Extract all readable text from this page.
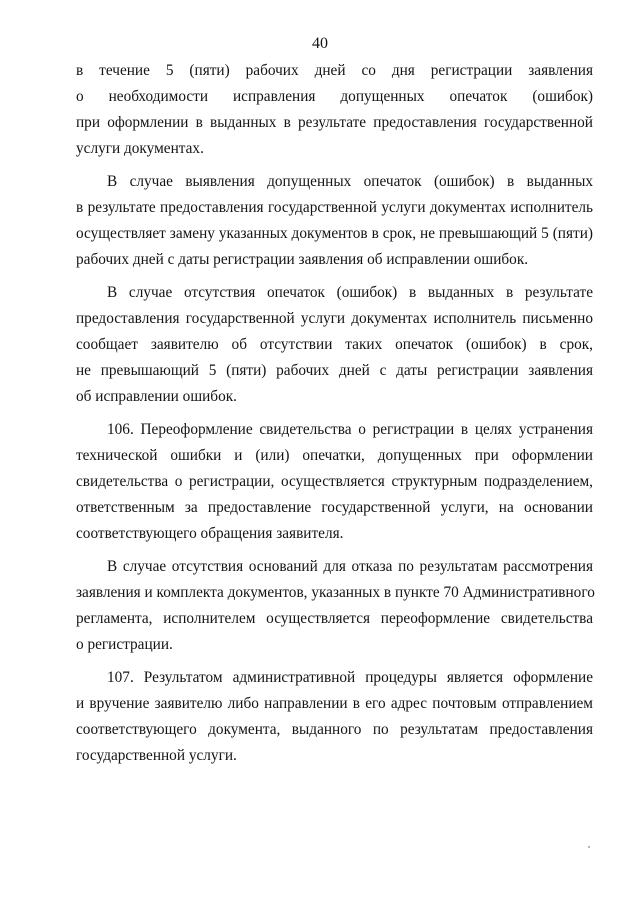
40

в течение 5 (пяти) рабочих дней со дня регистрации заявления
о необходимости исправления допущенных опечаток (ошибок)
при оформлении в выданных в результате предоставления государственной
услуги документах.

В случае выявления допущенных опечаток (ошибок) в выданных
в результате предоставления государственной услуги документах исполнитель
осуществляет замену указанных документов в срок, не превышающий 5 (пяти)
рабочих дней с даты регистрации заявления об исправлении ошибок.

В случае отсутствия опечаток (ошибок) в выданных в результате
предоставления государственной услуги документах исполнитель письменно
сообщает заявителю об отсутствии таких опечаток (ошибок) в срок,
не превышающий 5 (пяти) рабочих дней с даты регистрации заявления
об исправлении ошибок.

106. Переоформление свидетельства о регистрации в целях устранения
технической ошибки и (или) опечатки, допущенных при оформлении
свидетельства о регистрации, осуществляется структурным подразделением,
ответственным за предоставление государственной услуги, на основании
соответствующего обращения заявителя.

В случае отсутствия оснований для отказа по результатам рассмотрения
заявления и комплекта документов, указанных в пункте 70 Административного
регламента, исполнителем осуществляется переоформление свидетельства
о регистрации.

107. Результатом административной процедуры является оформление
и вручение заявителю либо направлении в его адрес почтовым отправлением
соответствующего документа, выданного по результатам предоставления
государственной услуги.
